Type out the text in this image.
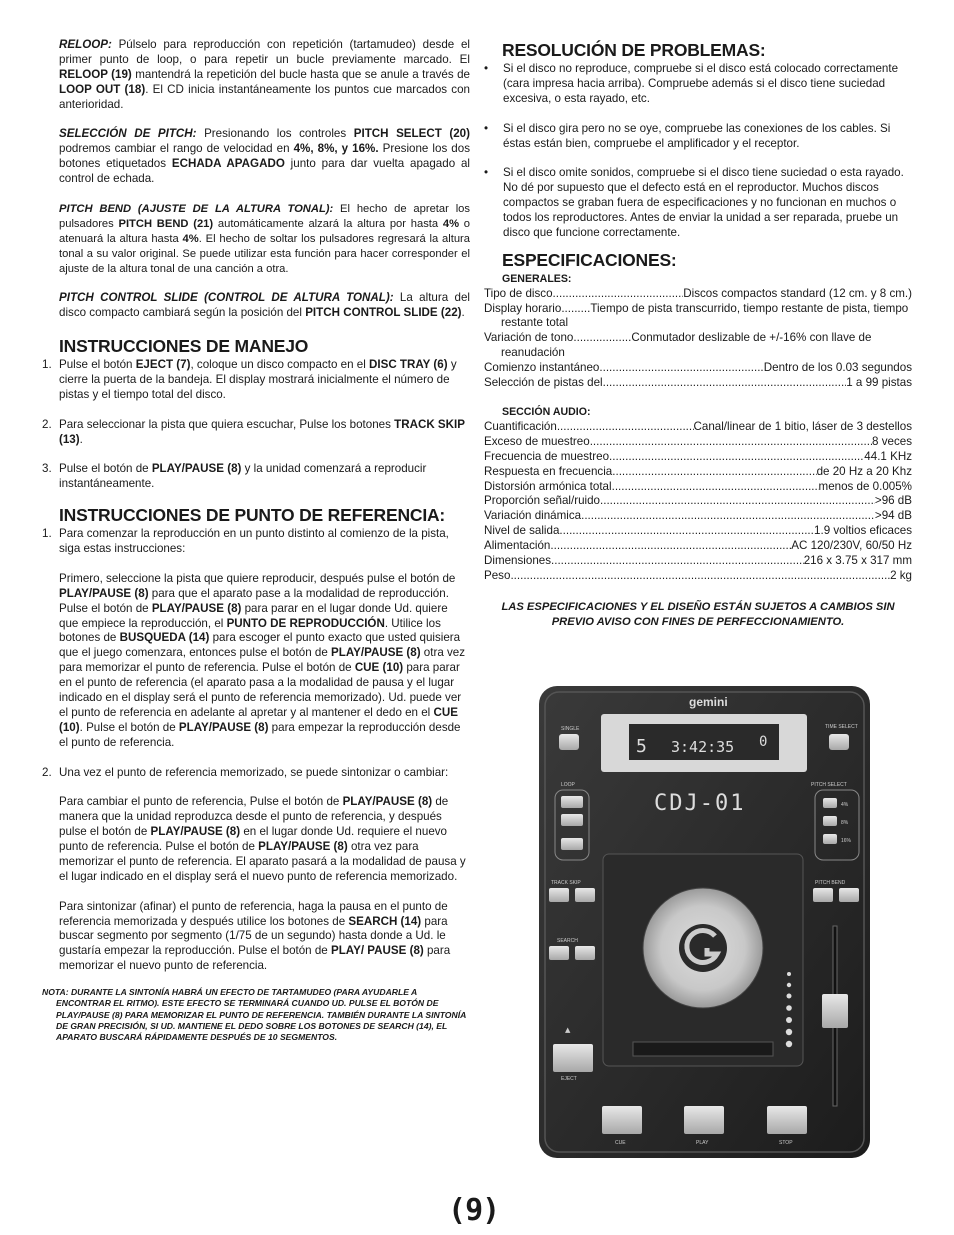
RELOOP: Púlselo para reproducción con repetición (tartamudeo) desde el primer punto de loop, o para repetir un bucle previamente marcado. El RELOOP (19) mantendrá la repetición del bucle hasta que se anule a través de LOOP OUT (18). El CD inicia instantáneamente los puntos cue marcados con anterioridad.

SELECCIÓN DE PITCH: Presionando los controles PITCH SELECT (20) podremos cambiar el rango de velocidad en 4%, 8%, y 16%. Presione los dos botones etiquetados ECHADA APAGADO junto para dar vuelta apagado al control de echada.

PITCH BEND (AJUSTE DE LA ALTURA TONAL): El hecho de apretar los pulsadores PITCH BEND (21) automáticamente alzará la altura por hasta 4% o atenuará la altura hasta 4%. El hecho de soltar los pulsadores regresará la altura tonal a su valor original. Se puede utilizar esta función para hacer corresponder el ajuste de la altura tonal de una canción a otra.

PITCH CONTROL SLIDE (CONTROL DE ALTURA TONAL): La altura del disco compacto cambiará según la posición del PITCH CONTROL SLIDE (22).

INSTRUCCIONES DE MANEJO
1. Pulse el botón EJECT (7), coloque un disco compacto en el DISC TRAY (6) y cierre la puerta de la bandeja. El display mostrará inicialmente el número de pistas y el tiempo total del disco.
2. Para seleccionar la pista que quiera escuchar, Pulse los botones TRACK SKIP (13).
3. Pulse el botón de PLAY/PAUSE (8) y la unidad comenzará a reproducir instantáneamente.
INSTRUCCIONES DE PUNTO DE REFERENCIA:
1. Para comenzar la reproducción en un punto distinto al comienzo de la pista, siga estas instrucciones:
Primero, seleccione la pista que quiere reproducir, después pulse el botón de PLAY/PAUSE (8) para que el aparato pase a la modalidad de reproducción. Pulse el botón de PLAY/PAUSE (8) para parar en el lugar donde Ud. quiere que empiece la reproducción, el PUNTO DE REPRODUCCIÓN. Utilice los botones de BUSQUEDA (14) para escoger el punto exacto que usted quisiera que el juego comenzara, entonces pulse el botón de PLAY/PAUSE (8) otra vez para memorizar el punto de referencia. Pulse el botón de CUE (10) para parar en el punto de referencia (el aparato pasa a la modalidad de pausa y el lugar indicado en el display será el punto de referencia memorizado). Ud. puede ver el punto de referencia en adelante al apretar y al mantener el dedo en el CUE (10). Pulse el botón de PLAY/PAUSE (8) para empezar la reproducción desde el punto de referencia.
2. Una vez el punto de referencia memorizado, se puede sintonizar o cambiar:
Para cambiar el punto de referencia, Pulse el botón de PLAY/PAUSE (8) de manera que la unidad reproduzca desde el punto de referencia, y después pulse el botón de PLAY/PAUSE (8) en el lugar donde Ud. requiere el nuevo punto de referencia. Pulse el botón de PLAY/PAUSE (8) otra vez para memorizar el punto de referencia. El aparato pasará a la modalidad de pausa y el lugar indicado en el display será el nuevo punto de referencia memorizado.
Para sintonizar (afinar) el punto de referencia, haga la pausa en el punto de referencia memorizada y después utilice los botones de SEARCH (14) para buscar segmento por segmento (1/75 de un segundo) hasta donde a Ud. le gustaría empezar la reproducción. Pulse el botón de PLAY/ PAUSE (8) para memorizar el nuevo punto de referencia.
NOTA: DURANTE LA SINTONÍA HABRÁ UN EFECTO DE TARTAMUDEO (PARA AYUDARLE A ENCONTRAR EL RITMO). ESTE EFECTO SE TERMINARÁ CUANDO UD. PULSE EL BOTÓN DE PLAY/PAUSE (8) PARA MEMORIZAR EL PUNTO DE REFERENCIA. TAMBIÉN DURANTE LA SINTONÍA DE GRAN PRECISIÓN, SI UD. MANTIENE EL DEDO SOBRE LOS BOTONES DE SEARCH (14), EL APARATO BUSCARÁ RÁPIDAMENTE DESPUÉS DE 10 SEGMENTOS.
RESOLUCIÓN DE PROBLEMAS:
• Si el disco no reproduce, compruebe si el disco está colocado correctamente (cara impresa hacia arriba). Compruebe además si el disco tiene suciedad excesiva, o esta rayado, etc.
• Si el disco gira pero no se oye, compruebe las conexiones de los cables. Si éstas están bien, compruebe el amplificador y el receptor.
• Si el disco omite sonidos, compruebe si el disco tiene suciedad o esta rayado. No dé por supuesto que el defecto está en el reproductor. Muchos discos compactos se graban fuera de especificaciones y no funcionan en muchos o todos los reproductores. Antes de enviar la unidad a ser reparada, pruebe un disco que funcione correctamente.
ESPECIFICACIONES:
GENERALES:
Tipo de disco .....	Discos compactos standard (12 cm. y 8 cm.)
Display horario.........Tiempo de pista transcurrido, tiempo restante de pista, tiempo restante total
Variación de tono..................Conmutador deslizable de +/-16% con llave de reanudación
Comienzo instantáneo .....	Dentro de los 0.03 segundos
Selección de pistas del .....	1 a 99 pistas
SECCIÓN AUDIO:
Cuantificación .....	Canal/linear de 1 bitio, láser de 3 destellos
Exceso de muestreo .....	8 veces
Frecuencia de muestreo .....	44.1 KHz
Respuesta en frecuencia .....	de 20 Hz a 20 Khz
Distorsión armónica total .....	menos de 0.005%
Proporción señal/ruido .....	>96 dB
Variación dinámica .....	>94 dB
Nivel de salida .....	1.9 voltios eficaces
Alimentación .....	AC 120/230V, 60/50 Hz
Dimensiones .....	216 x 3.75 x 317 mm
Peso .....	2 kg
LAS ESPECIFICACIONES Y EL DISEÑO ESTÁN SUJETOS A CAMBIOS SIN PREVIO AVISO CON FINES DE PERFECCIONAMIENTO.
5 3:42:35 0
gemini
CDJ-01
SINGLE	TIME SELECT
LOOP	PITCH SELECT
4%
8%
16%
TRACK SKIP	PITCH BEND
SEARCH
▲
EJECT
CUE	PLAY	STOP
(9)
